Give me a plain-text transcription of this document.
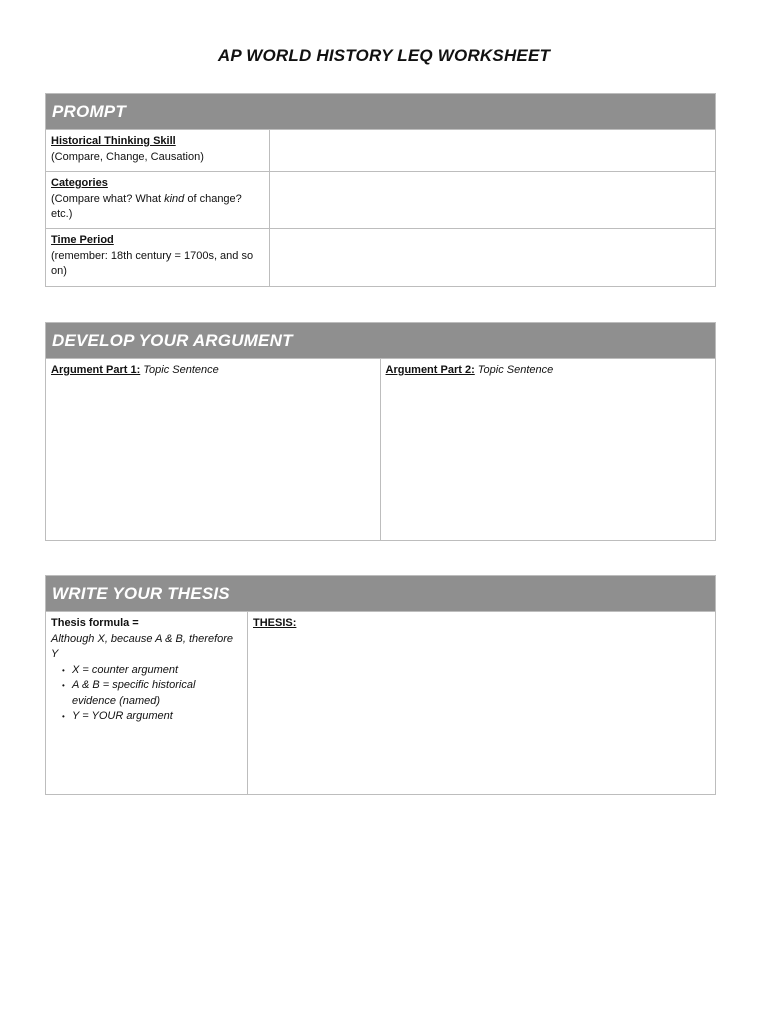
AP WORLD HISTORY LEQ WORKSHEET
PROMPT
Historical Thinking Skill
(Compare, Change, Causation)
Categories
(Compare what? What kind of change? etc.)
Time Period
(remember: 18th century = 1700s, and so on)
DEVELOP YOUR ARGUMENT
Argument Part 1: Topic Sentence	Argument Part 2: Topic Sentence
WRITE YOUR THESIS
Thesis formula =
Although X, because A & B, therefore Y
• X = counter argument
• A & B = specific historical evidence (named)
• Y = YOUR argument
THESIS:
